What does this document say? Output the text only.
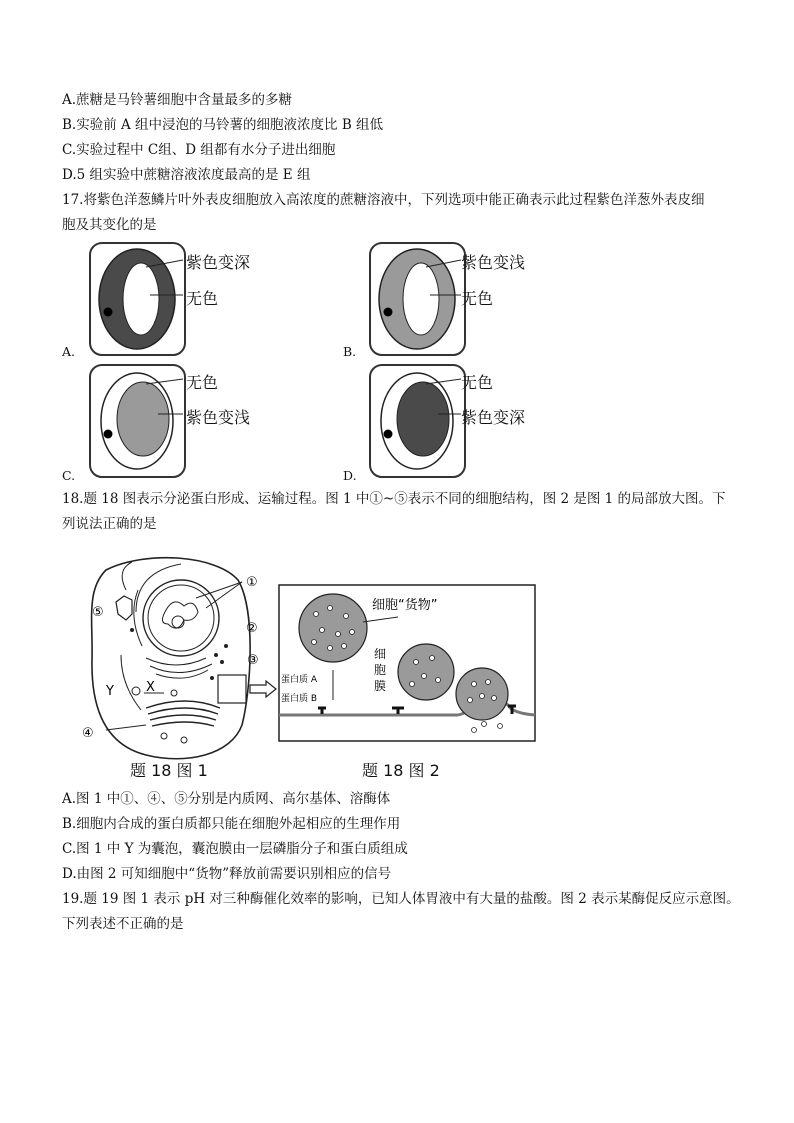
A.蔗糖是马铃薯细胞中含量最多的多糖
B.实验前 A 组中浸泡的马铃薯的细胞液浓度比 B 组低
C.实验过程中 C组、D 组都有水分子进出细胞
D.5 组实验中蔗糖溶液浓度最高的是 E 组
17.将紫色洋葱鳞片叶外表皮细胞放入高浓度的蔗糖溶液中，下列选项中能正确表示此过程紫色洋葱外表皮细
胞及其变化的是
紫色变深
无色
A.
紫色变浅
无色
B.
无色
紫色变浅
C.
无色
紫色变深
D.
18.题 18 图表示分泌蛋白形成、运输过程。图 1 中①~⑤表示不同的细胞结构，图 2 是图 1 的局部放大图。下
列说法正确的是
⑤
①
②
③
④
X
Y
题 18 图 1
细胞“货物”
蛋白质 A
蛋白质 B
细
胞
膜
题 18 图 2
A.图 1 中①、④、⑤分别是内质网、高尔基体、溶酶体
B.细胞内合成的蛋白质都只能在细胞外起相应的生理作用
C.图 1 中 Y 为囊泡，囊泡膜由一层磷脂分子和蛋白质组成
D.由图 2 可知细胞中“货物”释放前需要识别相应的信号
19.题 19 图 1 表示 pH 对三种酶催化效率的影响，已知人体胃液中有大量的盐酸。图 2 表示某酶促反应示意图。
下列表述不正确的是
